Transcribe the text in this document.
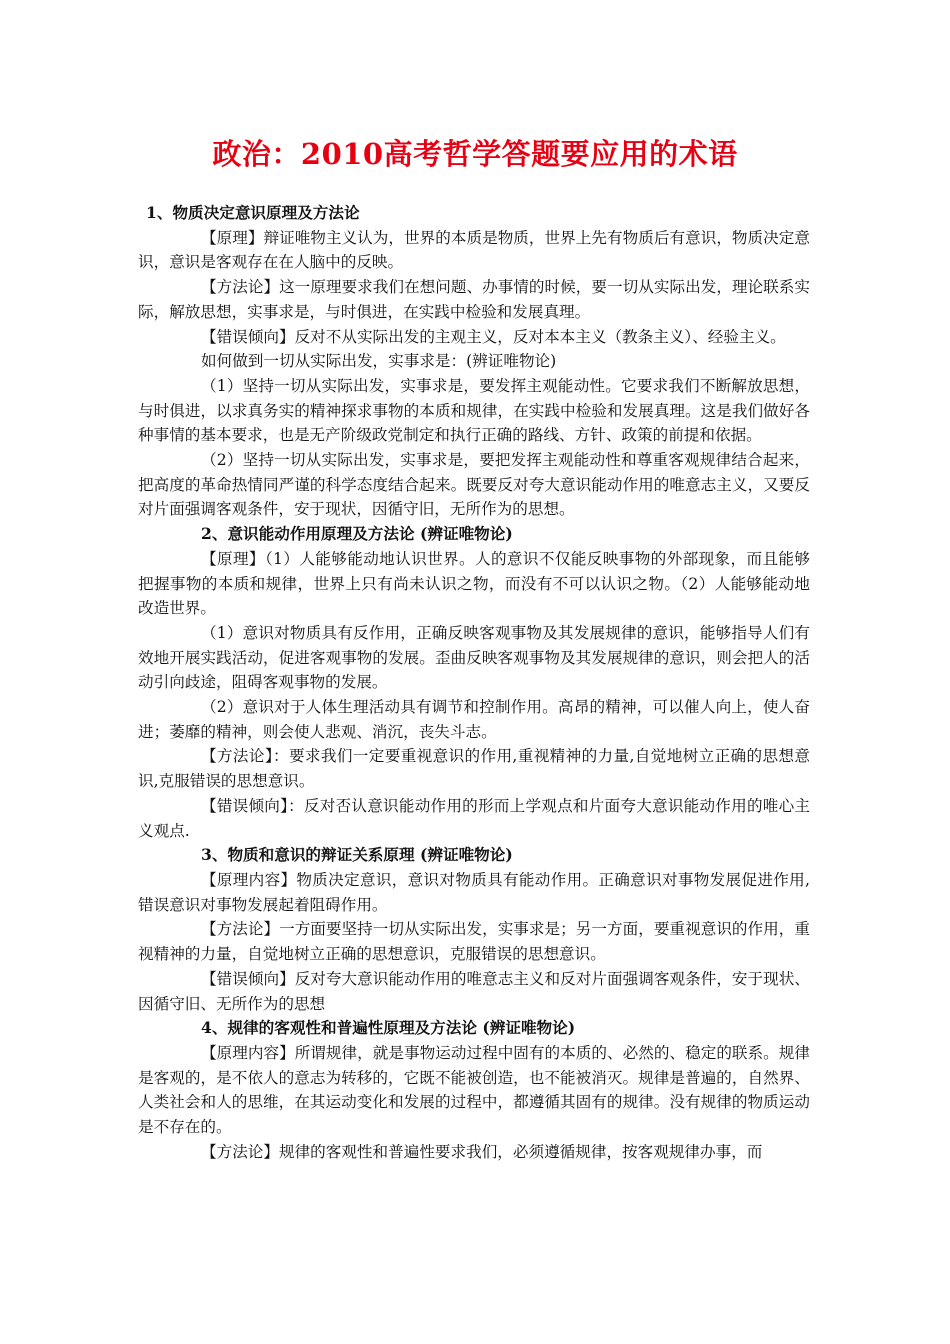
政治：2010高考哲学答题要应用的术语
1、物质决定意识原理及方法论

【原理】辩证唯物主义认为，世界的本质是物质，世界上先有物质后有意识，物质决定意识，意识是客观存在在人脑中的反映。

【方法论】这一原理要求我们在想问题、办事情的时候，要一切从实际出发，理论联系实际，解放思想，实事求是，与时俱进，在实践中检验和发展真理。

【错误倾向】反对不从实际出发的主观主义，反对本本主义（教条主义）、经验主义。

如何做到一切从实际出发，实事求是：(辨证唯物论)

（1）坚持一切从实际出发，实事求是，要发挥主观能动性。它要求我们不断解放思想，与时俱进，以求真务实的精神探求事物的本质和规律，在实践中检验和发展真理。这是我们做好各种事情的基本要求，也是无产阶级政党制定和执行正确的路线、方针、政策的前提和依据。

（2）坚持一切从实际出发，实事求是，要把发挥主观能动性和尊重客观规律结合起来，把高度的革命热情同严谨的科学态度结合起来。既要反对夸大意识能动作用的唯意志主义，又要反对片面强调客观条件，安于现状，因循守旧，无所作为的思想。

2、意识能动作用原理及方法论 (辨证唯物论)

【原理】（1）人能够能动地认识世界。人的意识不仅能反映事物的外部现象，而且能够把握事物的本质和规律，世界上只有尚未认识之物，而没有不可以认识之物。（2）人能够能动地改造世界。

（1）意识对物质具有反作用，正确反映客观事物及其发展规律的意识，能够指导人们有效地开展实践活动，促进客观事物的发展。歪曲反映客观事物及其发展规律的意识，则会把人的活动引向歧途，阻碍客观事物的发展。

（2）意识对于人体生理活动具有调节和控制作用。高昂的精神，可以催人向上，使人奋进；萎靡的精神，则会使人悲观、消沉，丧失斗志。

【方法论】：要求我们一定要重视意识的作用,重视精神的力量,自觉地树立正确的思想意识,克服错误的思想意识。

【错误倾向】：反对否认意识能动作用的形而上学观点和片面夸大意识能动作用的唯心主义观点.

3、物质和意识的辩证关系原理 (辨证唯物论)

【原理内容】物质决定意识，意识对物质具有能动作用。正确意识对事物发展促进作用,错误意识对事物发展起着阻碍作用。

【方法论】一方面要坚持一切从实际出发，实事求是；另一方面，要重视意识的作用，重视精神的力量，自觉地树立正确的思想意识，克服错误的思想意识。

【错误倾向】反对夸大意识能动作用的唯意志主义和反对片面强调客观条件，安于现状、因循守旧、无所作为的思想

4、规律的客观性和普遍性原理及方法论 (辨证唯物论)

【原理内容】所谓规律，就是事物运动过程中固有的本质的、必然的、稳定的联系。规律是客观的，是不依人的意志为转移的，它既不能被创造，也不能被消灭。规律是普遍的，自然界、人类社会和人的思维，在其运动变化和发展的过程中，都遵循其固有的规律。没有规律的物质运动是不存在的。

【方法论】规律的客观性和普遍性要求我们，必须遵循规律，按客观规律办事，而
